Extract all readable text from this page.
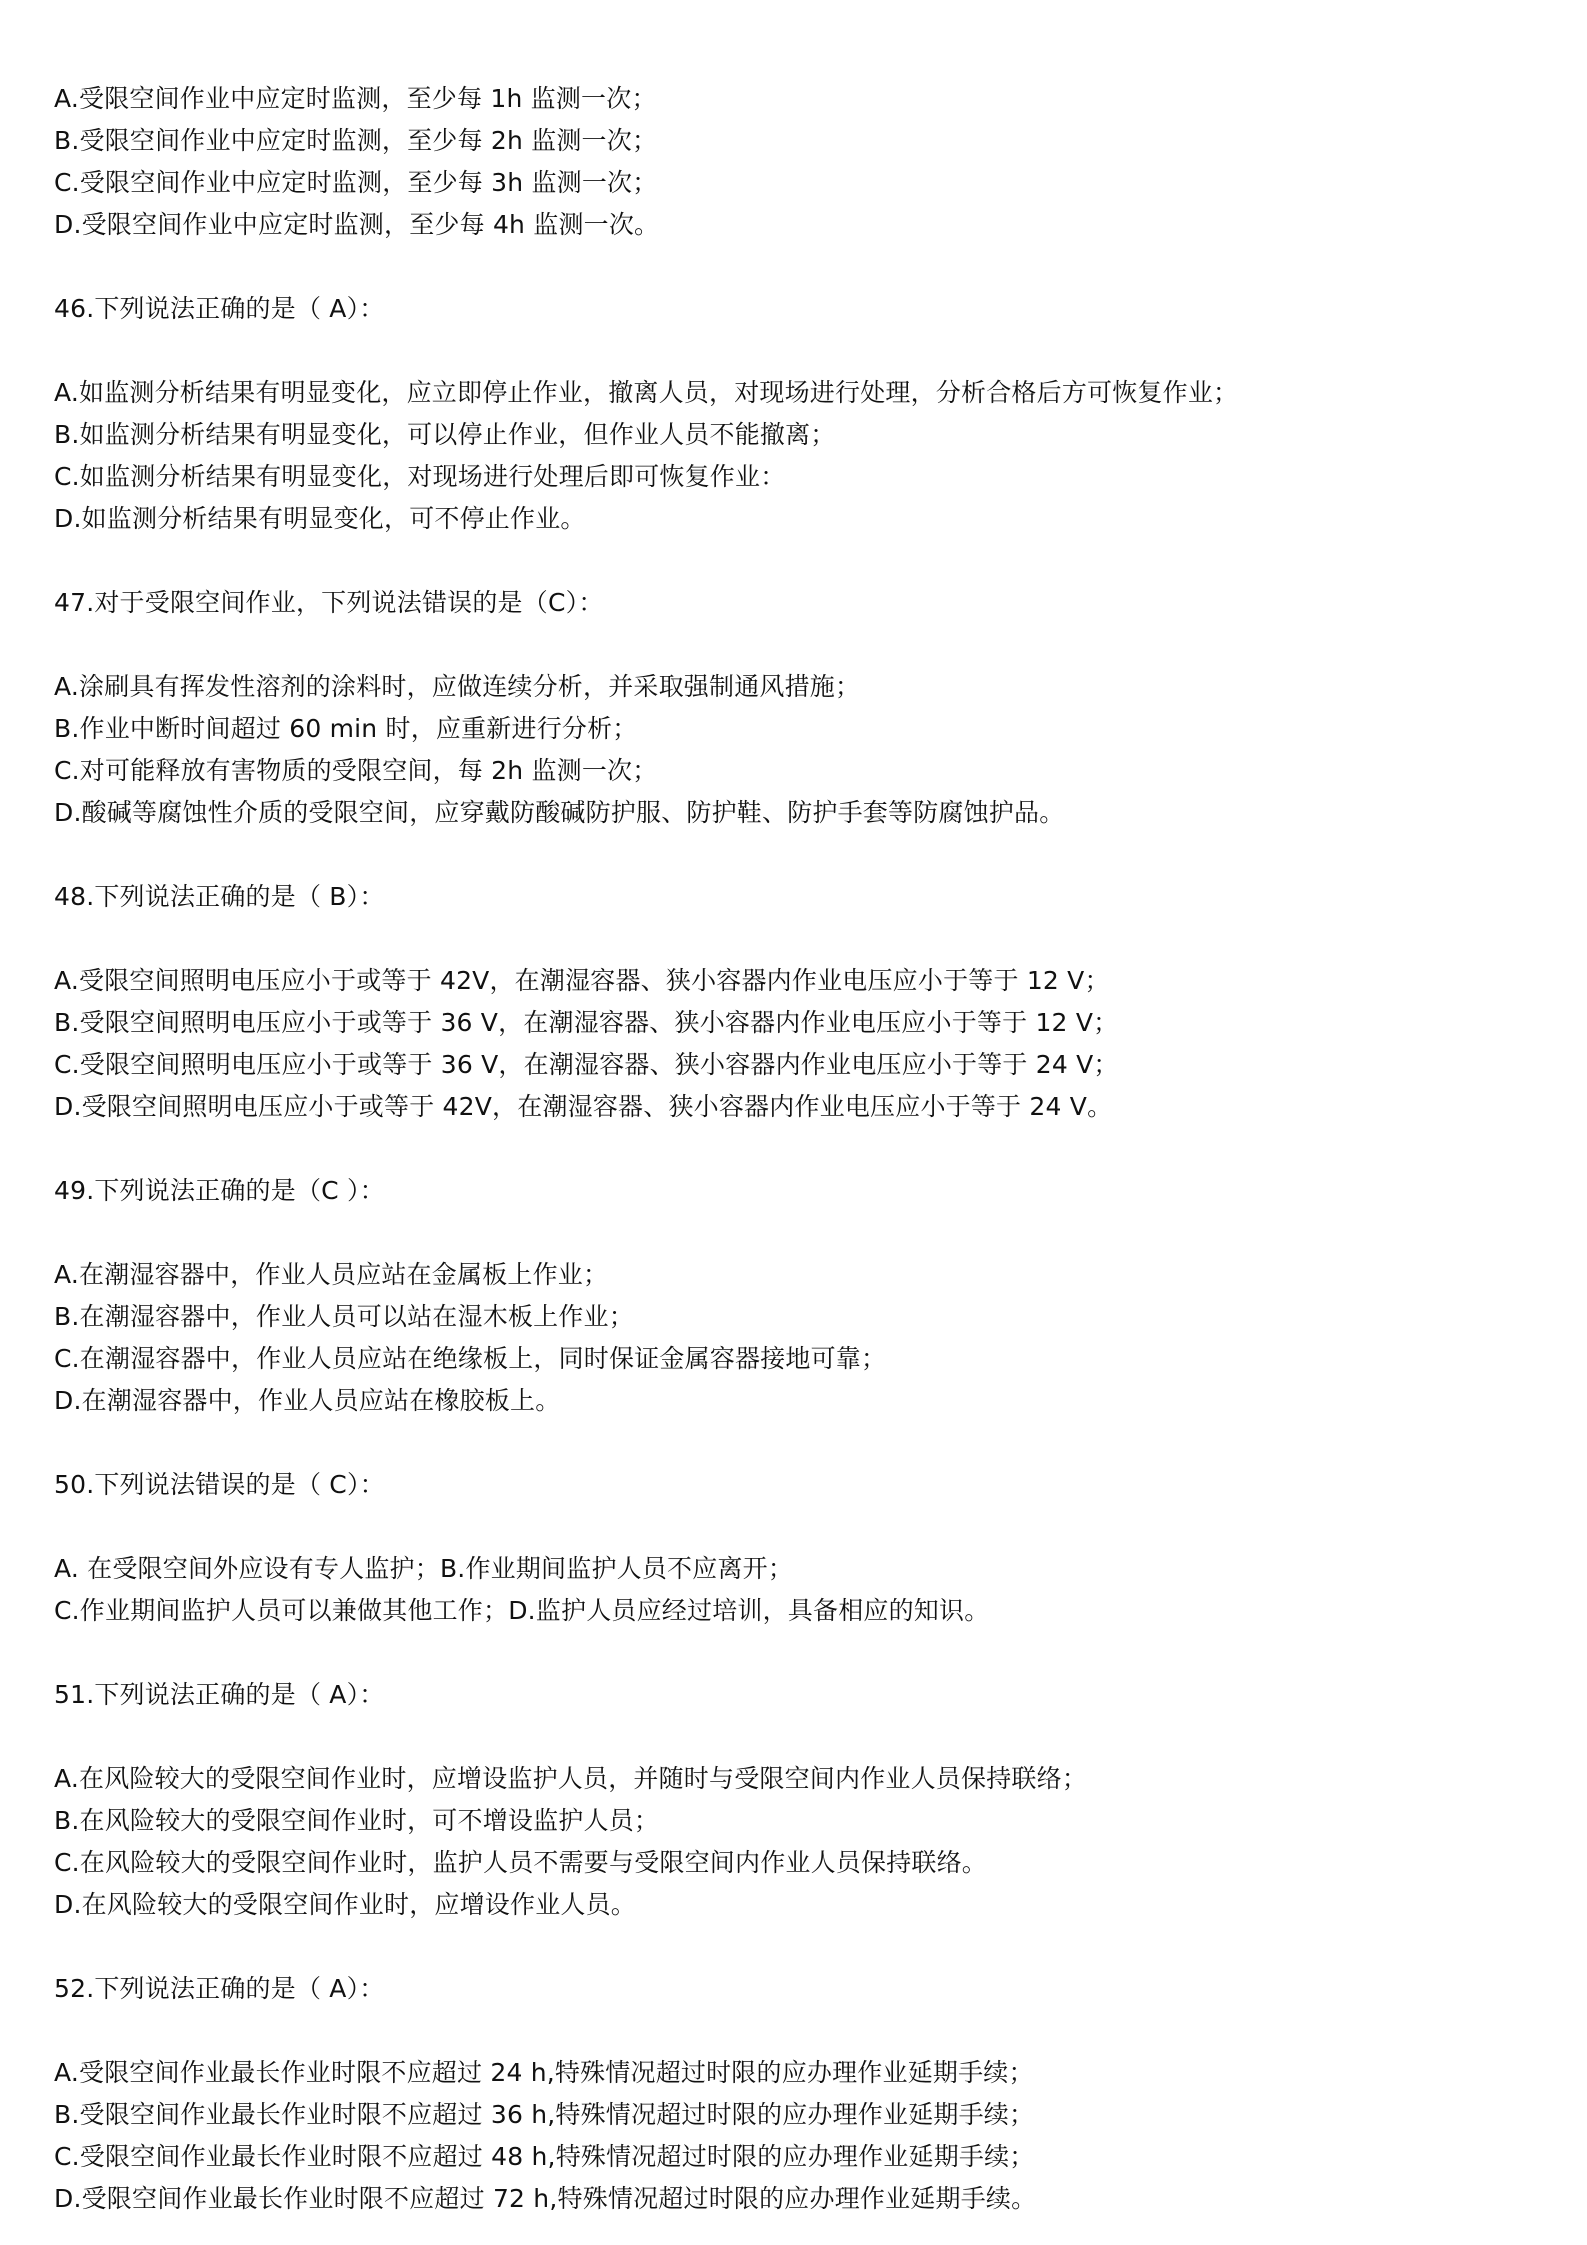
A.受限空间作业中应定时监测，至少每 1h 监测一次；
B.受限空间作业中应定时监测，至少每 2h 监测一次；
C.受限空间作业中应定时监测，至少每 3h 监测一次；
D.受限空间作业中应定时监测，至少每 4h 监测一次。
46.下列说法正确的是（ A）：
A.如监测分析结果有明显变化，应立即停止作业，撤离人员，对现场进行处理，分析合格后方可恢复作业；
B.如监测分析结果有明显变化，可以停止作业，但作业人员不能撤离；
C.如监测分析结果有明显变化，对现场进行处理后即可恢复作业：
D.如监测分析结果有明显变化，可不停止作业。
47.对于受限空间作业，下列说法错误的是（C）：
A.涂刷具有挥发性溶剂的涂料时，应做连续分析，并采取强制通风措施；
B.作业中断时间超过 60 min 时，应重新进行分析；
C.对可能释放有害物质的受限空间，每 2h 监测一次；
D.酸碱等腐蚀性介质的受限空间，应穿戴防酸碱防护服、防护鞋、防护手套等防腐蚀护品。
48.下列说法正确的是（ B）：
A.受限空间照明电压应小于或等于 42V，在潮湿容器、狭小容器内作业电压应小于等于 12 V；
B.受限空间照明电压应小于或等于 36 V，在潮湿容器、狭小容器内作业电压应小于等于 12 V；
C.受限空间照明电压应小于或等于 36 V，在潮湿容器、狭小容器内作业电压应小于等于 24 V；
D.受限空间照明电压应小于或等于 42V，在潮湿容器、狭小容器内作业电压应小于等于 24 V。
49.下列说法正确的是（C ）：
A.在潮湿容器中，作业人员应站在金属板上作业；
B.在潮湿容器中，作业人员可以站在湿木板上作业；
C.在潮湿容器中，作业人员应站在绝缘板上，同时保证金属容器接地可靠；
D.在潮湿容器中，作业人员应站在橡胶板上。
50.下列说法错误的是（ C）：
A. 在受限空间外应设有专人监护；B.作业期间监护人员不应离开；
C.作业期间监护人员可以兼做其他工作；D.监护人员应经过培训，具备相应的知识。
51.下列说法正确的是（ A）：
A.在风险较大的受限空间作业时，应增设监护人员，并随时与受限空间内作业人员保持联络；
B.在风险较大的受限空间作业时，可不增设监护人员；
C.在风险较大的受限空间作业时，监护人员不需要与受限空间内作业人员保持联络。
D.在风险较大的受限空间作业时，应增设作业人员。
52.下列说法正确的是（ A）：
A.受限空间作业最长作业时限不应超过 24 h,特殊情况超过时限的应办理作业延期手续；
B.受限空间作业最长作业时限不应超过 36 h,特殊情况超过时限的应办理作业延期手续；
C.受限空间作业最长作业时限不应超过 48 h,特殊情况超过时限的应办理作业延期手续；
D.受限空间作业最长作业时限不应超过 72 h,特殊情况超过时限的应办理作业延期手续。
